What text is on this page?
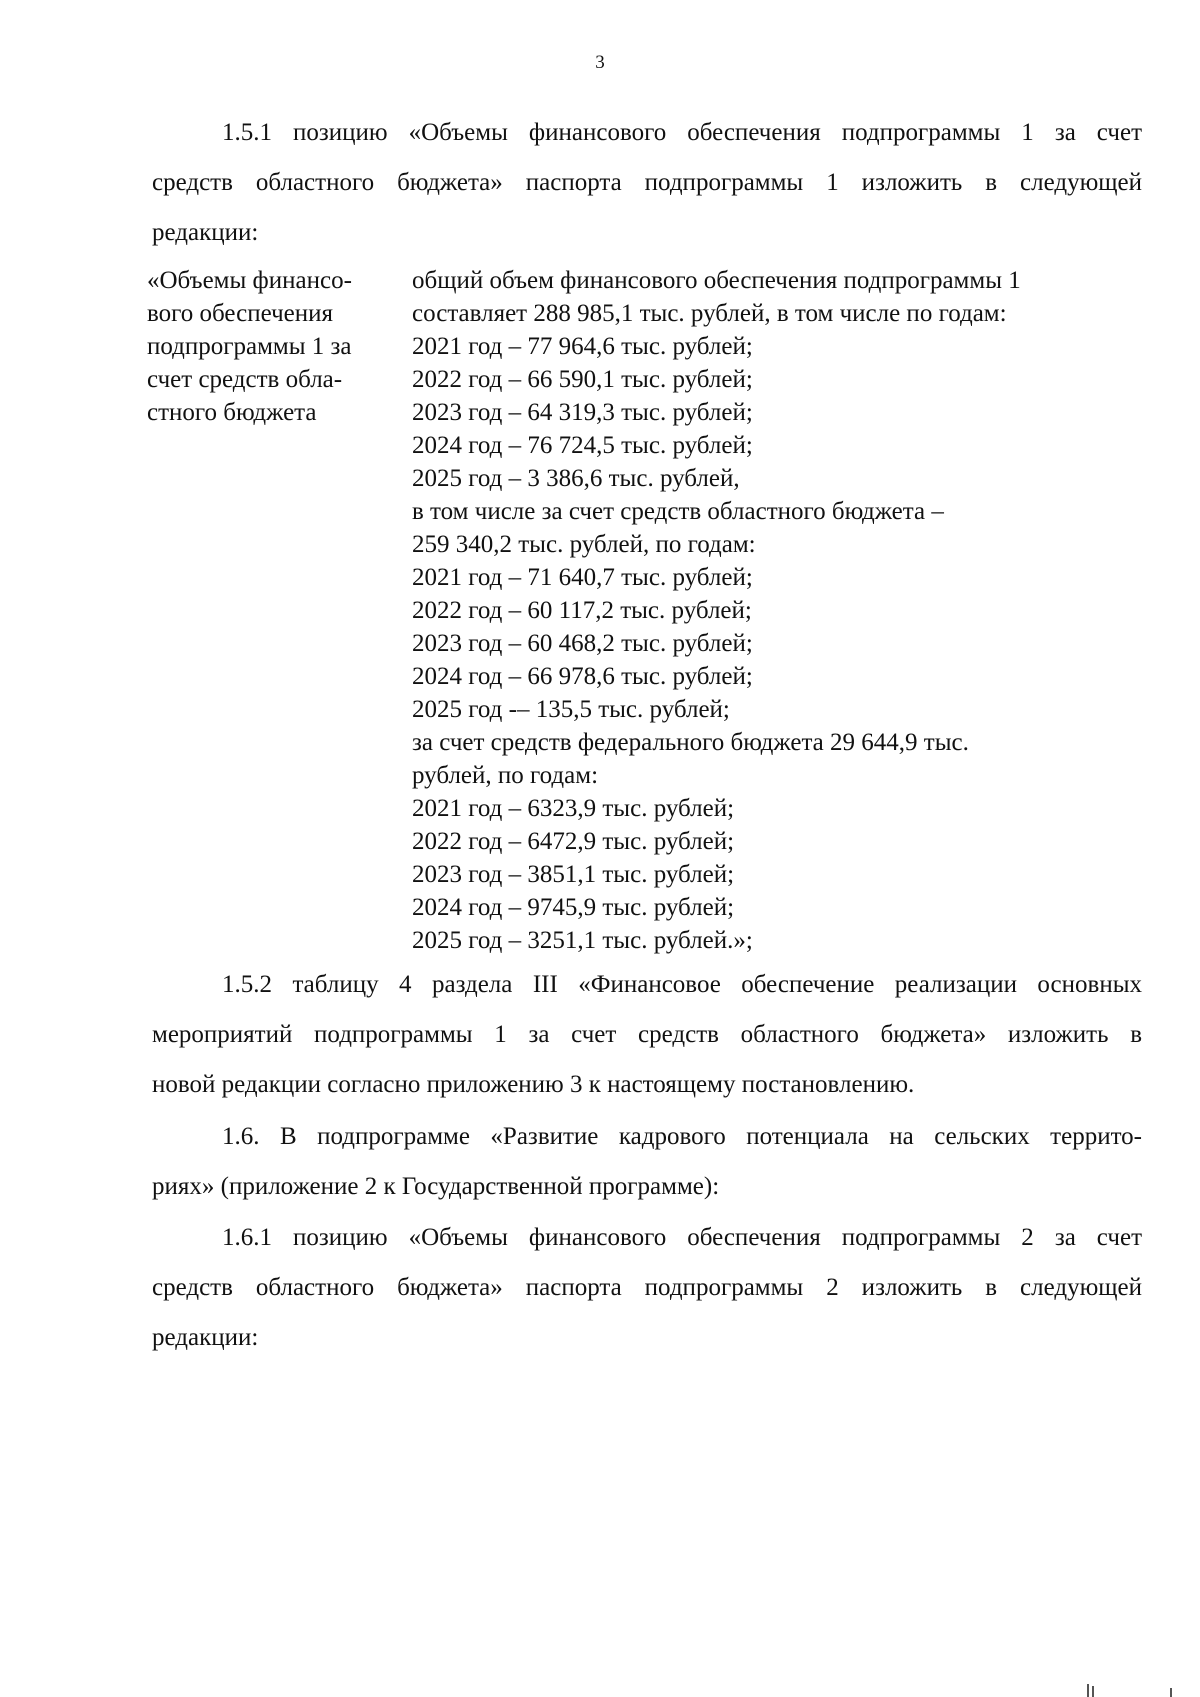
3
1.5.1 позицию «Объемы финансового обеспечения подпрограммы 1 за счет
средств областного бюджета» паспорта подпрограммы 1 изложить в следующей
редакции:
«Объемы финансо-
вого обеспечения
подпрограммы 1 за
счет средств обла-
стного бюджета
общий объем финансового обеспечения подпрограммы 1
составляет 288 985,1 тыс. рублей, в том числе по годам:
2021 год – 77 964,6 тыс. рублей;
2022 год – 66 590,1 тыс. рублей;
2023 год – 64 319,3 тыс. рублей;
2024 год – 76 724,5 тыс. рублей;
2025 год – 3 386,6 тыс. рублей,
в том числе за счет средств областного бюджета –
259 340,2 тыс. рублей, по годам:
2021 год – 71 640,7 тыс. рублей;
2022 год – 60 117,2 тыс. рублей;
2023 год – 60 468,2 тыс. рублей;
2024 год – 66 978,6 тыс. рублей;
2025 год -– 135,5 тыс. рублей;
за счет средств федерального бюджета 29 644,9 тыс.
рублей, по годам:
2021 год – 6323,9 тыс. рублей;
2022 год – 6472,9 тыс. рублей;
2023 год – 3851,1 тыс. рублей;
2024 год – 9745,9 тыс. рублей;
2025 год – 3251,1 тыс. рублей.»;
1.5.2 таблицу 4 раздела III «Финансовое обеспечение реализации основных
мероприятий подпрограммы 1 за счет средств областного бюджета» изложить в
новой редакции согласно приложению 3 к настоящему постановлению.
1.6. В подпрограмме «Развитие кадрового потенциала на сельских террито-
риях» (приложение 2 к Государственной программе):
1.6.1 позицию «Объемы финансового обеспечения подпрограммы 2 за счет
средств областного бюджета» паспорта подпрограммы 2 изложить в следующей
редакции:
